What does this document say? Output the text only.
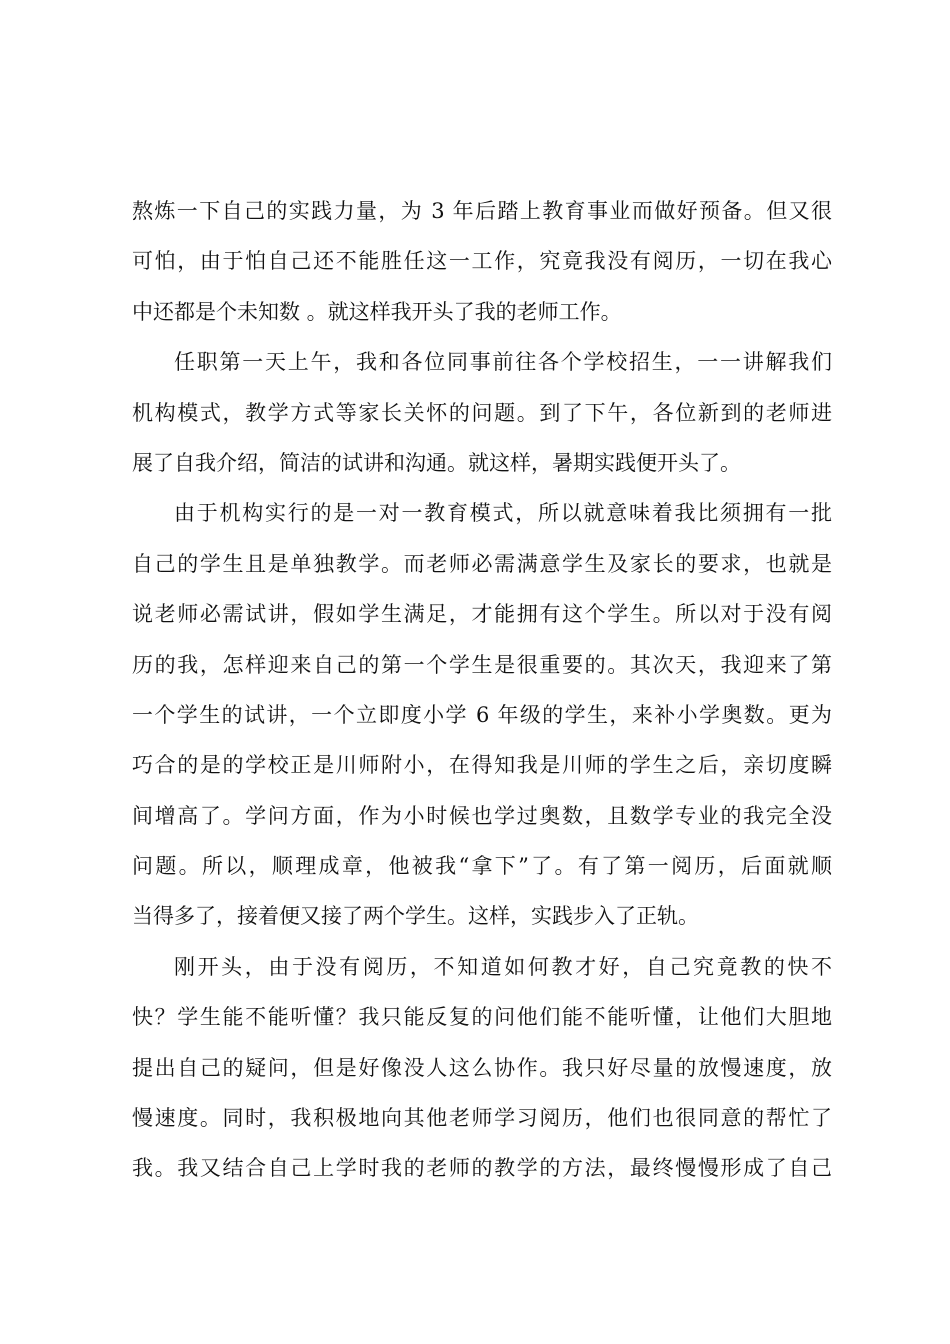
熬炼一下自己的实践力量，为 3 年后踏上教育事业而做好预备。但又很
可怕，由于怕自己还不能胜任这一工作，究竟我没有阅历，一切在我心
中还都是个未知数 。就这样我开头了我的老师工作。
任职第一天上午，我和各位同事前往各个学校招生，一一讲解我们
机构模式，教学方式等家长关怀的问题。到了下午，各位新到的老师进
展了自我介绍，简洁的试讲和沟通。就这样，暑期实践便开头了。
由于机构实行的是一对一教育模式，所以就意味着我比须拥有一批
自己的学生且是单独教学。而老师必需满意学生及家长的要求，也就是
说老师必需试讲，假如学生满足，才能拥有这个学生。所以对于没有阅
历的我，怎样迎来自己的第一个学生是很重要的。其次天，我迎来了第
一个学生的试讲，一个立即度小学 6 年级的学生，来补小学奥数。更为
巧合的是的学校正是川师附小，在得知我是川师的学生之后，亲切度瞬
间增高了。学问方面，作为小时候也学过奥数，且数学专业的我完全没
问题。所以，顺理成章，他被我“拿下”了。有了第一阅历，后面就顺
当得多了，接着便又接了两个学生。这样，实践步入了正轨。
刚开头，由于没有阅历，不知道如何教才好，自己究竟教的快不
快？学生能不能听懂？我只能反复的问他们能不能听懂，让他们大胆地
提出自己的疑问，但是好像没人这么协作。我只好尽量的放慢速度，放
慢速度。同时，我积极地向其他老师学习阅历，他们也很同意的帮忙了
我。我又结合自己上学时我的老师的教学的方法，最终慢慢形成了自己
